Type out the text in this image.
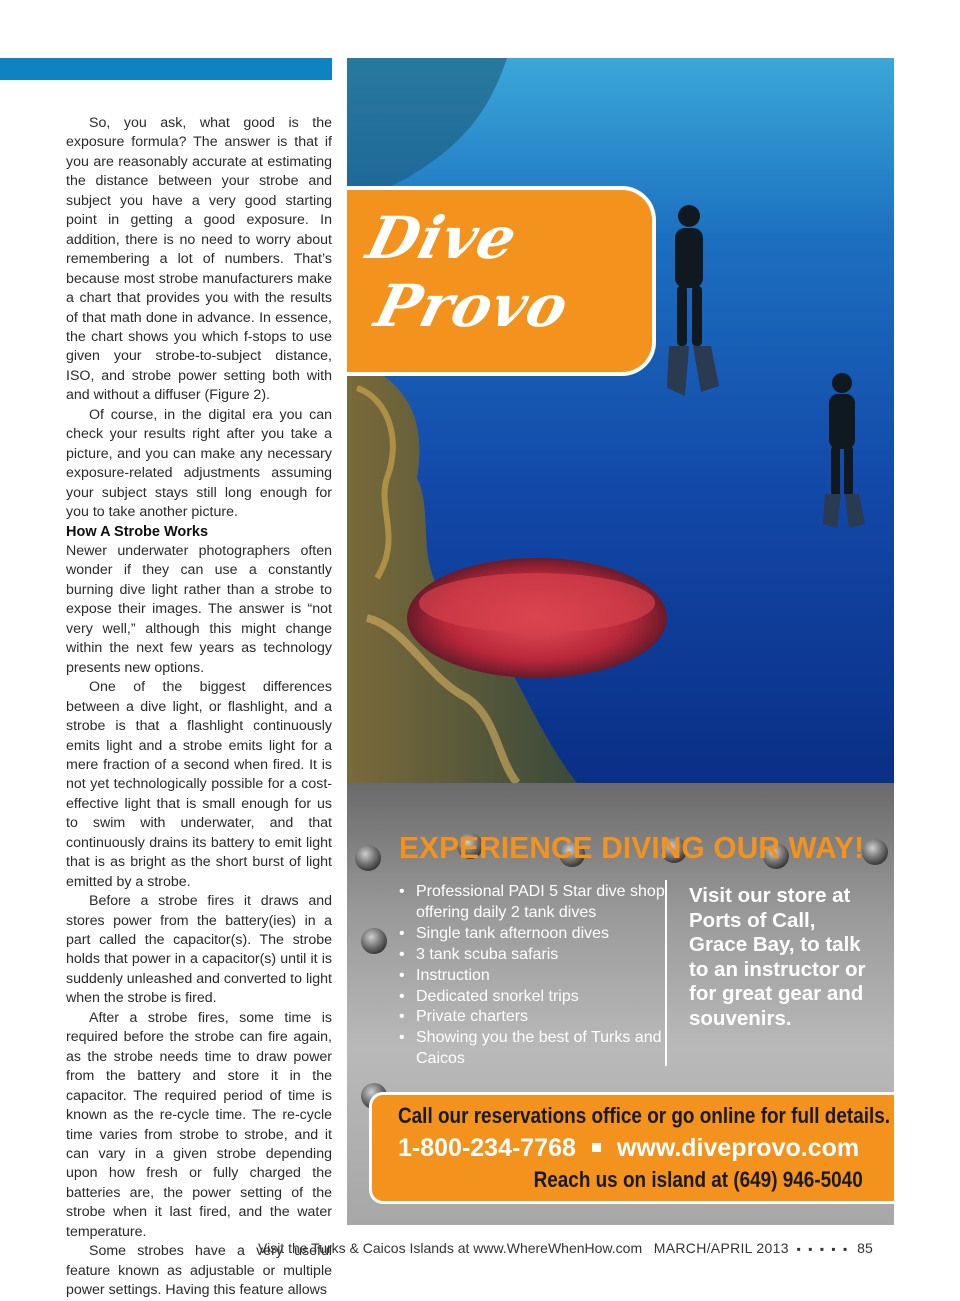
So, you ask, what good is the exposure formula? The answer is that if you are reasonably accurate at estimating the distance between your strobe and subject you have a very good starting point in getting a good exposure. In addition, there is no need to worry about remembering a lot of numbers. That’s because most strobe manufacturers make a chart that provides you with the results of that math done in advance. In essence, the chart shows you which f-stops to use given your strobe-to-subject distance, ISO, and strobe power setting both with and without a diffuser (Figure 2).

Of course, in the digital era you can check your results right after you take a picture, and you can make any necessary exposure-related adjustments assuming your subject stays still long enough for you to take another picture.

How A Strobe Works

Newer underwater photographers often wonder if they can use a constantly burning dive light rather than a strobe to expose their images. The answer is “not very well,” although this might change within the next few years as technology presents new options.

One of the biggest differences between a dive light, or flashlight, and a strobe is that a flashlight continuously emits light and a strobe emits light for a mere fraction of a second when fired. It is not yet technologically possible for a cost-effective light that is small enough for us to swim with underwater, and that continuously drains its battery to emit light that is as bright as the short burst of light emitted by a strobe.

Before a strobe fires it draws and stores power from the battery(ies) in a part called the capacitor(s). The strobe holds that power in a capacitor(s) until it is suddenly unleashed and converted to light when the strobe is fired.

After a strobe fires, some time is required before the strobe can fire again, as the strobe needs time to draw power from the battery and store it in the capacitor. The required period of time is known as the re-cycle time. The re-cycle time varies from strobe to strobe, and it can vary in a given strobe depending upon how fresh or fully charged the batteries are, the power setting of the strobe when it last fired, and the water temperature.

Some strobes have a very useful feature known as adjustable or multiple power settings. Having this feature allows

Dive
Provo
EXPERIENCE DIVING OUR WAY!
• Professional PADI 5 Star dive shop offering daily 2 tank dives
• Single tank afternoon dives
• 3 tank scuba safaris
• Instruction
• Dedicated snorkel trips
• Private charters
• Showing you the best of Turks and Caicos
Visit our store at Ports of Call, Grace Bay, to talk to an instructor or for great gear and souvenirs.
Call our reservations office or go online for full details.
1-800-234-7768 www.diveprovo.com
Reach us on island at (649) 946-5040
Visit the Turks & Caicos Islands at www.WhereWhenHow.com MARCH/APRIL 2013 ▪ ▪ ▪ ▪ ▪ 85
